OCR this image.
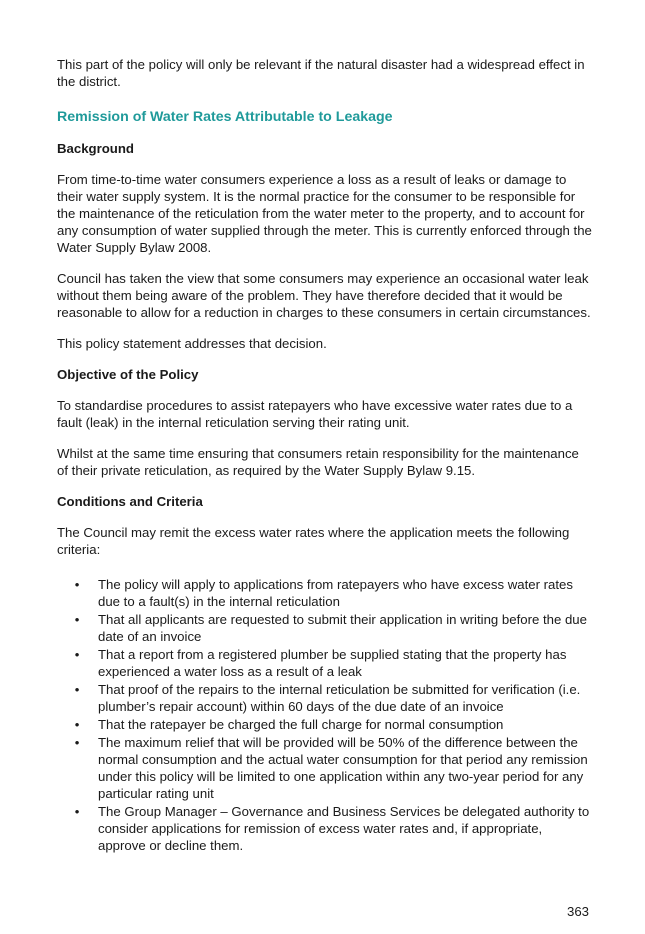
This part of the policy will only be relevant if the natural disaster had a widespread effect in the district.

Remission of Water Rates Attributable to Leakage
Background

From time-to-time water consumers experience a loss as a result of leaks or damage to their water supply system. It is the normal practice for the consumer to be responsible for the maintenance of the reticulation from the water meter to the property, and to account for any consumption of water supplied through the meter. This is currently enforced through the Water Supply Bylaw 2008.

Council has taken the view that some consumers may experience an occasional water leak without them being aware of the problem. They have therefore decided that it would be reasonable to allow for a reduction in charges to these consumers in certain circumstances.

This policy statement addresses that decision.

Objective of the Policy

To standardise procedures to assist ratepayers who have excessive water rates due to a fault (leak) in the internal reticulation serving their rating unit.

Whilst at the same time ensuring that consumers retain responsibility for the maintenance of their private reticulation, as required by the Water Supply Bylaw 9.15.

Conditions and Criteria

The Council may remit the excess water rates where the application meets the following criteria:

• The policy will apply to applications from ratepayers who have excess water rates due to a fault(s) in the internal reticulation
• That all applicants are requested to submit their application in writing before the due date of an invoice
• That a report from a registered plumber be supplied stating that the property has experienced a water loss as a result of a leak
• That proof of the repairs to the internal reticulation be submitted for verification (i.e. plumber’s repair account) within 60 days of the due date of an invoice
• That the ratepayer be charged the full charge for normal consumption
• The maximum relief that will be provided will be 50% of the difference between the normal consumption and the actual water consumption for that period any remission under this policy will be limited to one application within any two-year period for any particular rating unit
• The Group Manager – Governance and Business Services be delegated authority to consider applications for remission of excess water rates and, if appropriate, approve or decline them.
363
